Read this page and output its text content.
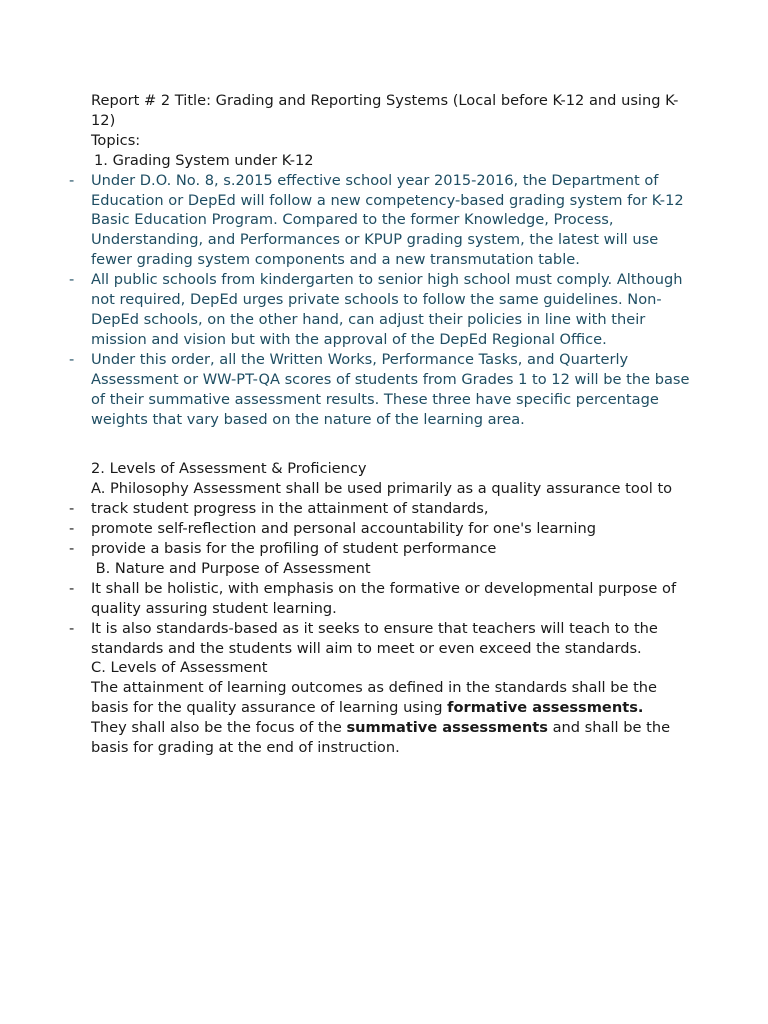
Report # 2 Title: Grading and Reporting Systems (Local before K-12 and using K-12)

Topics:

1. Grading System under K-12

- Under D.O. No. 8, s.2015 effective school year 2015-2016, the Department of Education or DepEd will follow a new competency-based grading system for K-12 Basic Education Program. Compared to the former Knowledge, Process, Understanding, and Performances or KPUP grading system, the latest will use fewer grading system components and a new transmutation table.
- All public schools from kindergarten to senior high school must comply. Although not required, DepEd urges private schools to follow the same guidelines. Non-DepEd schools, on the other hand, can adjust their policies in line with their mission and vision but with the approval of the DepEd Regional Office.
- Under this order, all the Written Works, Performance Tasks, and Quarterly Assessment or WW-PT-QA scores of students from Grades 1 to 12 will be the base of their summative assessment results. These three have specific percentage weights that vary based on the nature of the learning area.

2. Levels of Assessment & Proficiency

A. Philosophy Assessment shall be used primarily as a quality assurance tool to

- track student progress in the attainment of standards,
- promote self-reflection and personal accountability for one's learning
- provide a basis for the profiling of student performance

B. Nature and Purpose of Assessment

- It shall be holistic, with emphasis on the formative or developmental purpose of quality assuring student learning.
- It is also standards-based as it seeks to ensure that teachers will teach to the standards and the students will aim to meet or even exceed the standards.

C. Levels of Assessment

The attainment of learning outcomes as defined in the standards shall be the basis for the quality assurance of learning using formative assessments.

They shall also be the focus of the summative assessments and shall be the basis for grading at the end of instruction.
